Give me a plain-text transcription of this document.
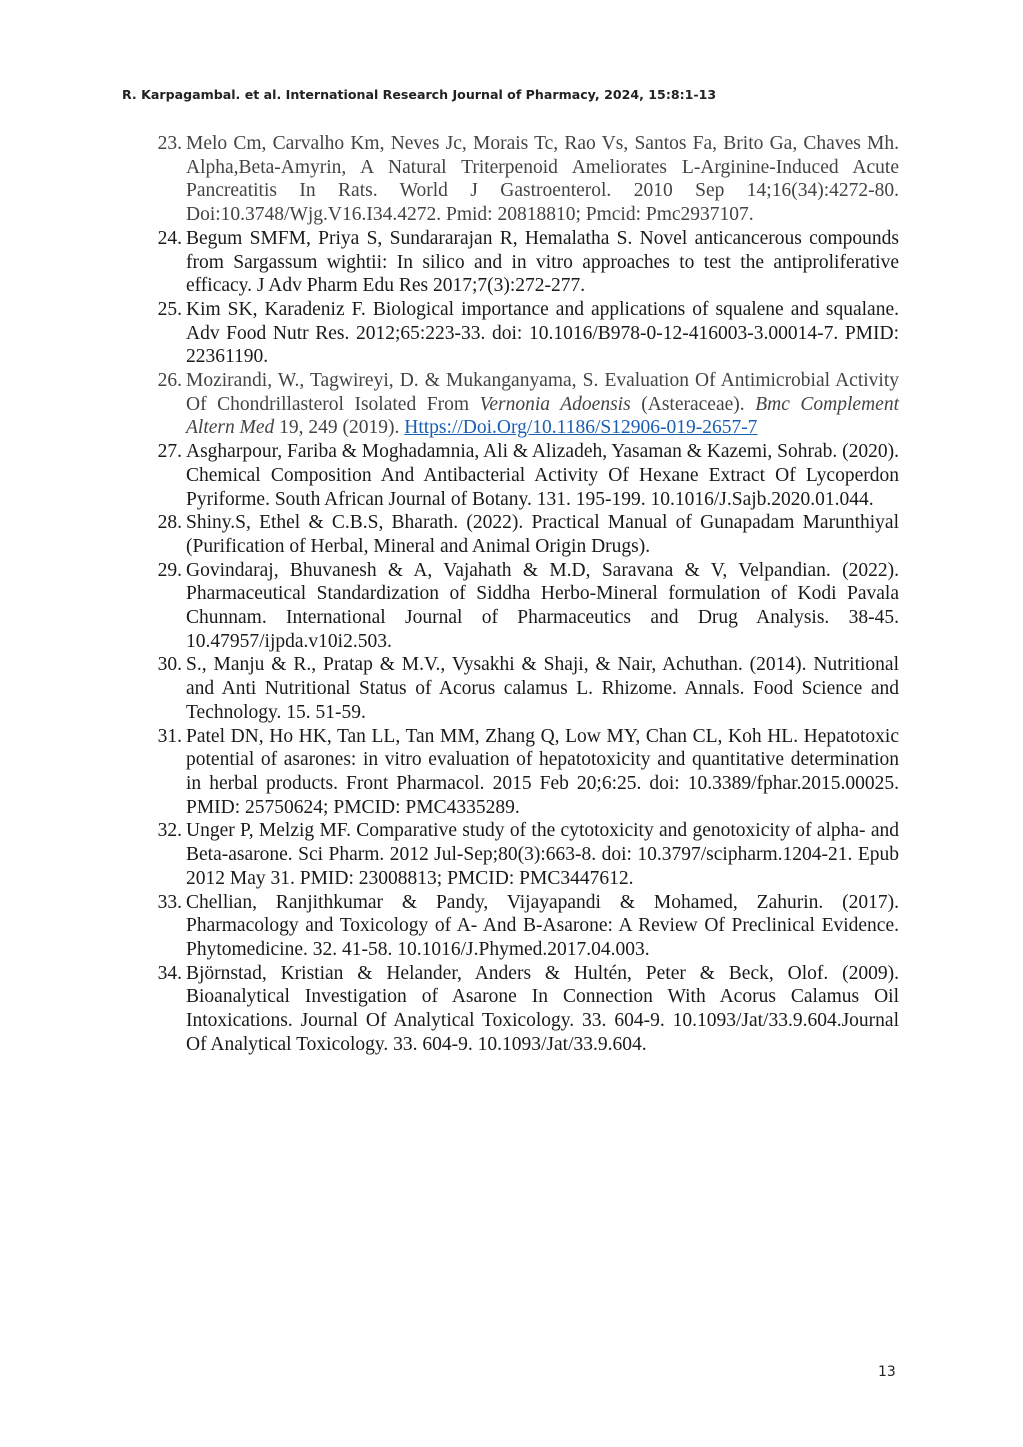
R. Karpagambal. et al. International Research Journal of Pharmacy, 2024, 15:8:1-13
23. Melo Cm, Carvalho Km, Neves Jc, Morais Tc, Rao Vs, Santos Fa, Brito Ga, Chaves Mh. Alpha,Beta-Amyrin, A Natural Triterpenoid Ameliorates L-Arginine-Induced Acute Pancreatitis In Rats. World J Gastroenterol. 2010 Sep 14;16(34):4272-80. Doi:10.3748/Wjg.V16.I34.4272. Pmid: 20818810; Pmcid: Pmc2937107.
24. Begum SMFM, Priya S, Sundararajan R, Hemalatha S. Novel anticancerous compounds from Sargassum wightii: In silico and in vitro approaches to test the antiproliferative efficacy. J Adv Pharm Edu Res 2017;7(3):272-277.
25. Kim SK, Karadeniz F. Biological importance and applications of squalene and squalane. Adv Food Nutr Res. 2012;65:223-33. doi: 10.1016/B978-0-12-416003-3.00014-7. PMID: 22361190.
26. Mozirandi, W., Tagwireyi, D. & Mukanganyama, S. Evaluation Of Antimicrobial Activity Of Chondrillasterol Isolated From Vernonia Adoensis (Asteraceae). Bmc Complement Altern Med 19, 249 (2019). Https://Doi.Org/10.1186/S12906-019-2657-7
27. Asgharpour, Fariba & Moghadamnia, Ali & Alizadeh, Yasaman & Kazemi, Sohrab. (2020). Chemical Composition And Antibacterial Activity Of Hexane Extract Of Lycoperdon Pyriforme. South African Journal of Botany. 131. 195-199. 10.1016/J.Sajb.2020.01.044.
28. Shiny.S, Ethel & C.B.S, Bharath. (2022). Practical Manual of Gunapadam Marunthiyal (Purification of Herbal, Mineral and Animal Origin Drugs).
29. Govindaraj, Bhuvanesh & A, Vajahath & M.D, Saravana & V, Velpandian. (2022). Pharmaceutical Standardization of Siddha Herbo-Mineral formulation of Kodi Pavala Chunnam. International Journal of Pharmaceutics and Drug Analysis. 38-45. 10.47957/ijpda.v10i2.503.
30. S., Manju & R., Pratap & M.V., Vysakhi & Shaji, & Nair, Achuthan. (2014). Nutritional and Anti Nutritional Status of Acorus calamus L. Rhizome. Annals. Food Science and Technology. 15. 51-59.
31. Patel DN, Ho HK, Tan LL, Tan MM, Zhang Q, Low MY, Chan CL, Koh HL. Hepatotoxic potential of asarones: in vitro evaluation of hepatotoxicity and quantitative determination in herbal products. Front Pharmacol. 2015 Feb 20;6:25. doi: 10.3389/fphar.2015.00025. PMID: 25750624; PMCID: PMC4335289.
32. Unger P, Melzig MF. Comparative study of the cytotoxicity and genotoxicity of alpha- and Beta-asarone. Sci Pharm. 2012 Jul-Sep;80(3):663-8. doi: 10.3797/scipharm.1204-21. Epub 2012 May 31. PMID: 23008813; PMCID: PMC3447612.
33. Chellian, Ranjithkumar & Pandy, Vijayapandi & Mohamed, Zahurin. (2017). Pharmacology and Toxicology of A- And B-Asarone: A Review Of Preclinical Evidence. Phytomedicine. 32. 41-58. 10.1016/J.Phymed.2017.04.003.
34. Björnstad, Kristian & Helander, Anders & Hultén, Peter & Beck, Olof. (2009). Bioanalytical Investigation of Asarone In Connection With Acorus Calamus Oil Intoxications. Journal Of Analytical Toxicology. 33. 604-9. 10.1093/Jat/33.9.604.Journal Of Analytical Toxicology. 33. 604-9. 10.1093/Jat/33.9.604.
13
